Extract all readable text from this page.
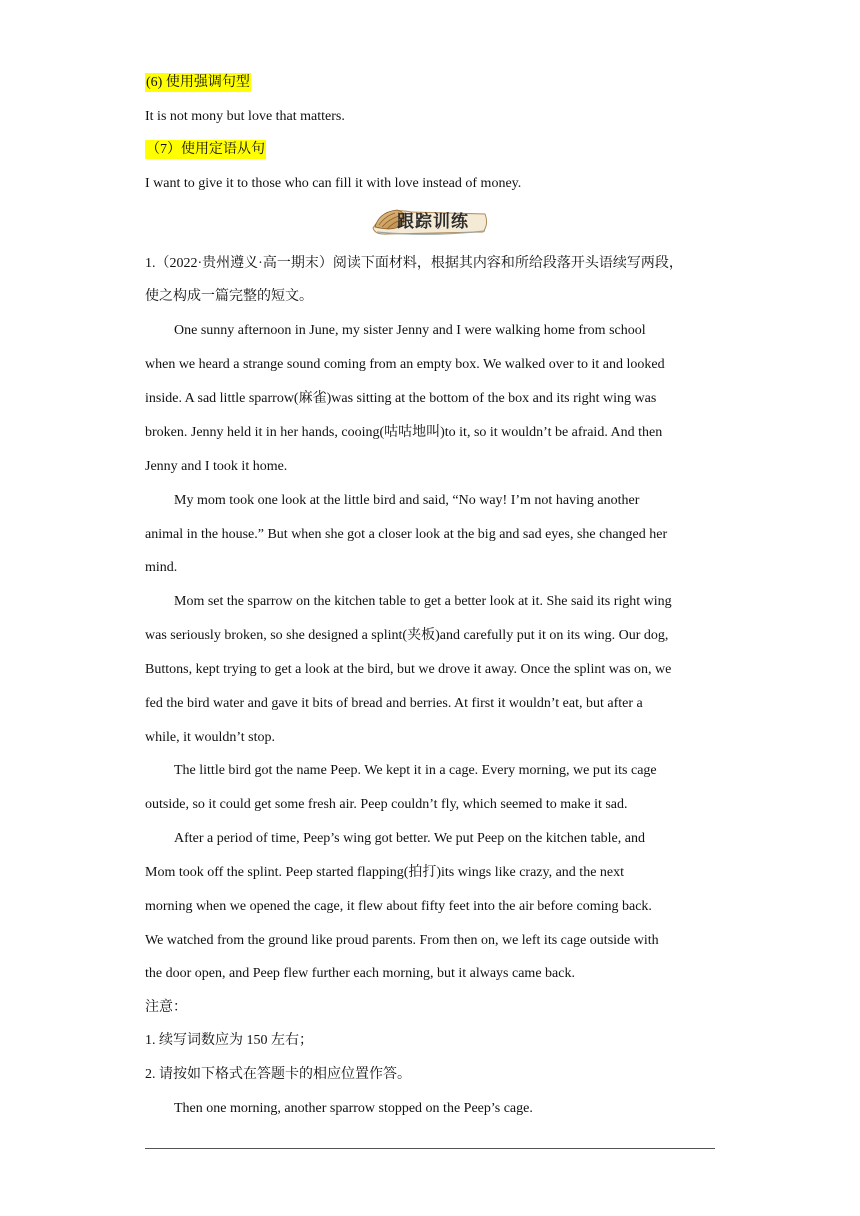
(6) 使用强调句型
It is not mony but love that matters.
（7）使用定语从句
I want to give it to those who can fill it with love instead of money.
跟踪训练
1.（2022·贵州遵义·高一期末）阅读下面材料，根据其内容和所给段落开头语续写两段，
使之构成一篇完整的短文。
One sunny afternoon in June, my sister Jenny and I were walking home from school
when we heard a strange sound coming from an empty box. We walked over to it and looked
inside. A sad little sparrow(麻雀)was sitting at the bottom of the box and its right wing was
broken. Jenny held it in her hands, cooing(咕咕地叫)to it, so it wouldn’t be afraid. And then
Jenny and I took it home.
My mom took one look at the little bird and said, “No way! I’m not having another
animal in the house.” But when she got a closer look at the big and sad eyes, she changed her
mind.
Mom set the sparrow on the kitchen table to get a better look at it. She said its right wing
was seriously broken, so she designed a splint(夹板)and carefully put it on its wing. Our dog,
Buttons, kept trying to get a look at the bird, but we drove it away. Once the splint was on, we
fed the bird water and gave it bits of bread and berries. At first it wouldn’t eat, but after a
while, it wouldn’t stop.
The little bird got the name Peep. We kept it in a cage. Every morning, we put its cage
outside, so it could get some fresh air. Peep couldn’t fly, which seemed to make it sad.
After a period of time, Peep’s wing got better. We put Peep on the kitchen table, and
Mom took off the splint. Peep started flapping(拍打)its wings like crazy, and the next
morning when we opened the cage, it flew about fifty feet into the air before coming back.
We watched from the ground like proud parents. From then on, we left its cage outside with
the door open, and Peep flew further each morning, but it always came back.
注意：
1. 续写词数应为 150 左右；
2. 请按如下格式在答题卡的相应位置作答。
Then one morning, another sparrow stopped on the Peep’s cage.
